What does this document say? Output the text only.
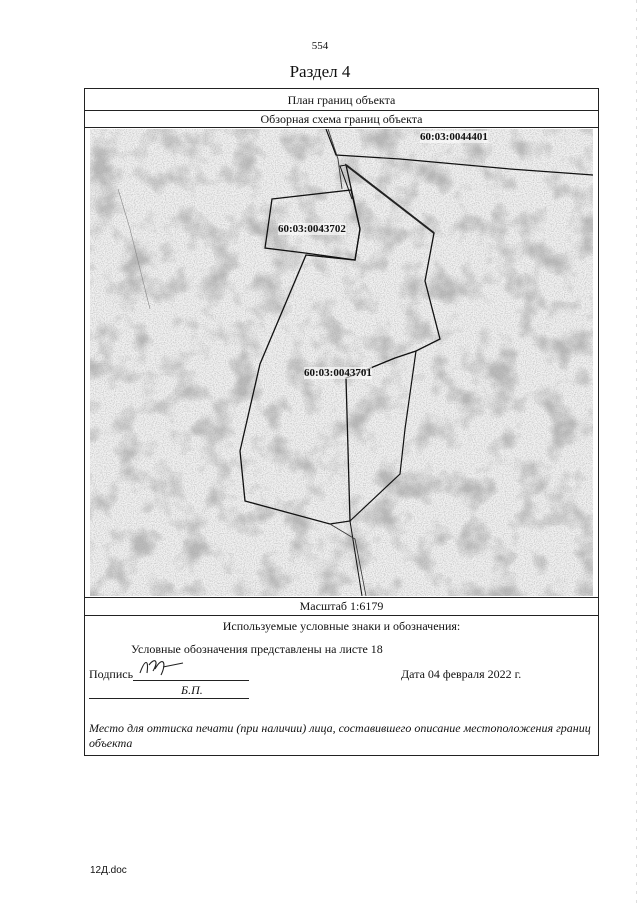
554
Раздел 4
План границ объекта
Обзорная схема границ объекта
60:03:0044401
60:03:0043702
60:03:0043701
Масштаб 1:6179
Используемые условные знаки и обозначения:
Условные обозначения представлены на листе 18
Подпись
Б.П.
Дата 04 февраля 2022 г.
Место для оттиска печати (при наличии) лица, составившего описание местоположения границ объекта
12Д.doc
